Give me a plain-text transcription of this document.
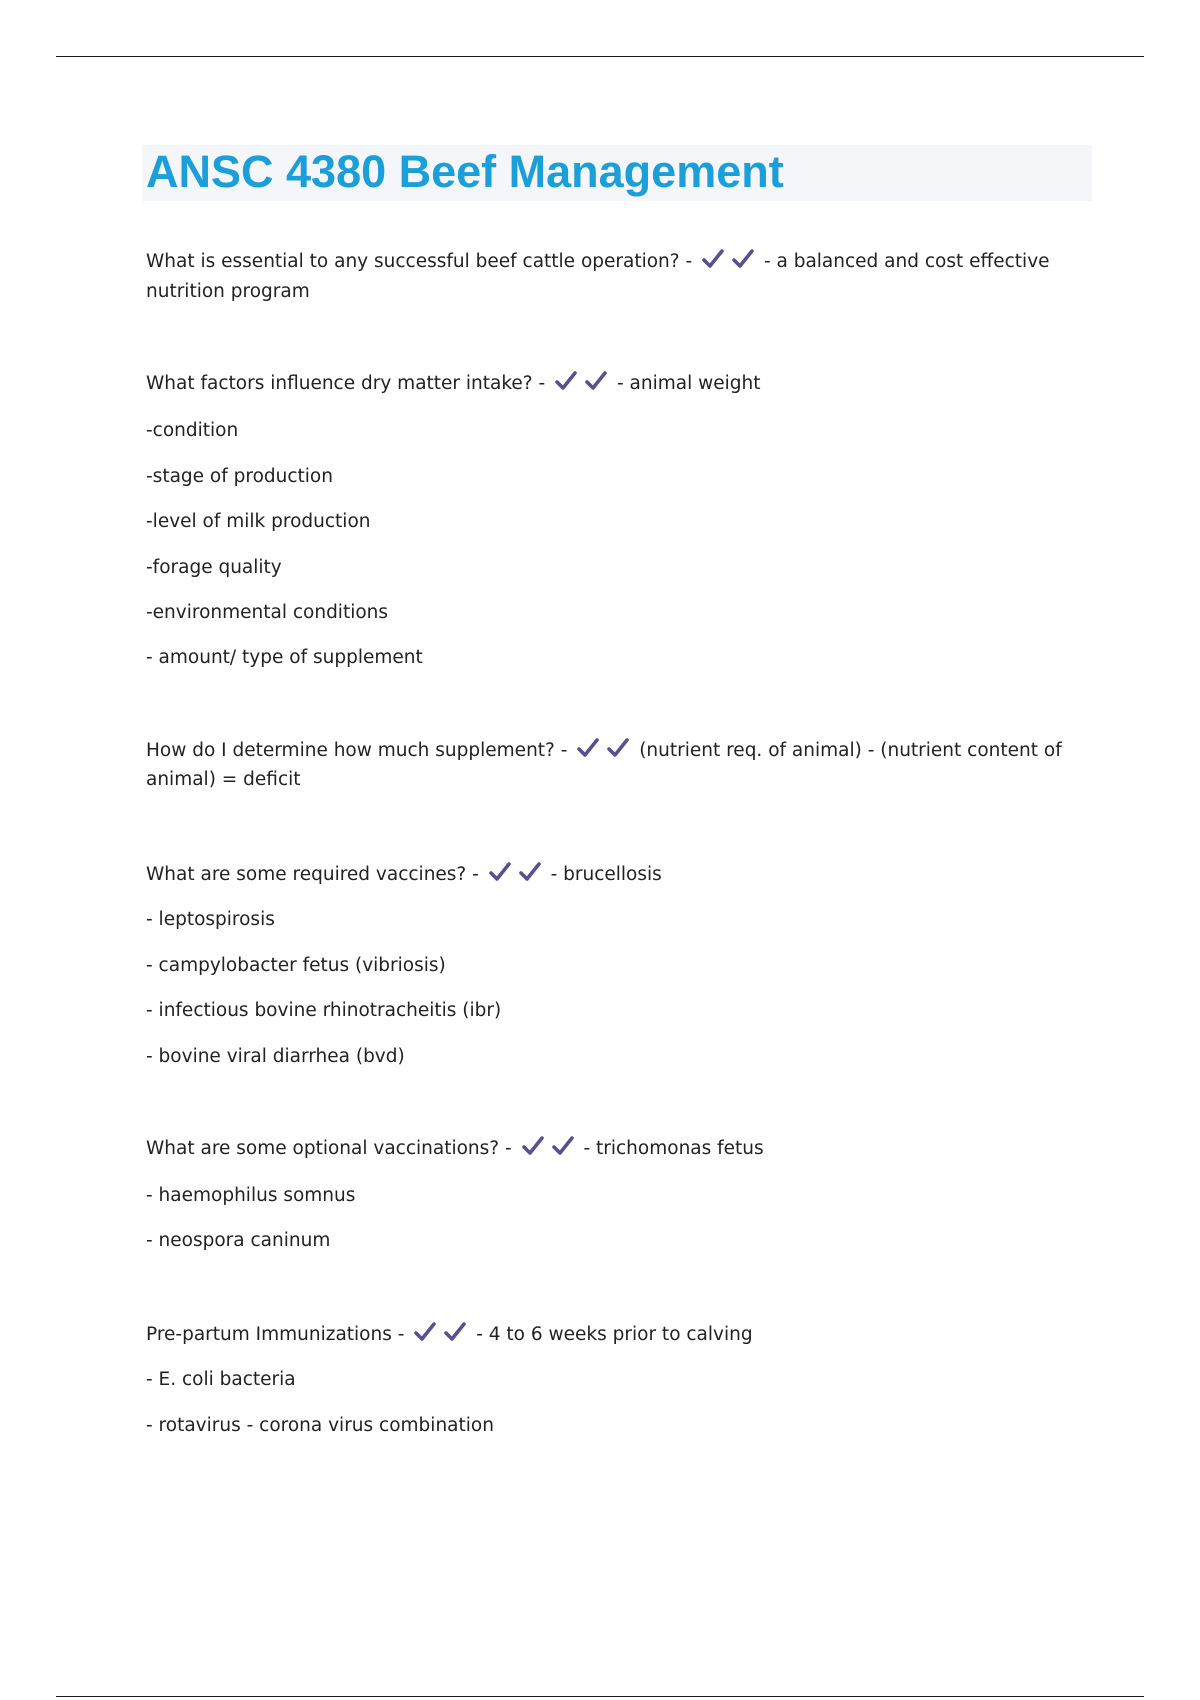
ANSC 4380 Beef Management

What is essential to any successful beef cattle operation? -	- a balanced and cost effective

nutrition program

What factors influence dry matter intake? -	- animal weight

-condition

-stage of production

-level of milk production

-forage quality

-environmental conditions

- amount/ type of supplement

How do I determine how much supplement? -	(nutrient req. of animal) - (nutrient content of

animal) = deficit

What are some required vaccines? -	- brucellosis

- leptospirosis

- campylobacter fetus (vibriosis)

- infectious bovine rhinotracheitis (ibr)

- bovine viral diarrhea (bvd)

What are some optional vaccinations? -	- trichomonas fetus

- haemophilus somnus

- neospora caninum

Pre-partum Immunizations -	- 4 to 6 weeks prior to calving

- E. coli bacteria

- rotavirus - corona virus combination
